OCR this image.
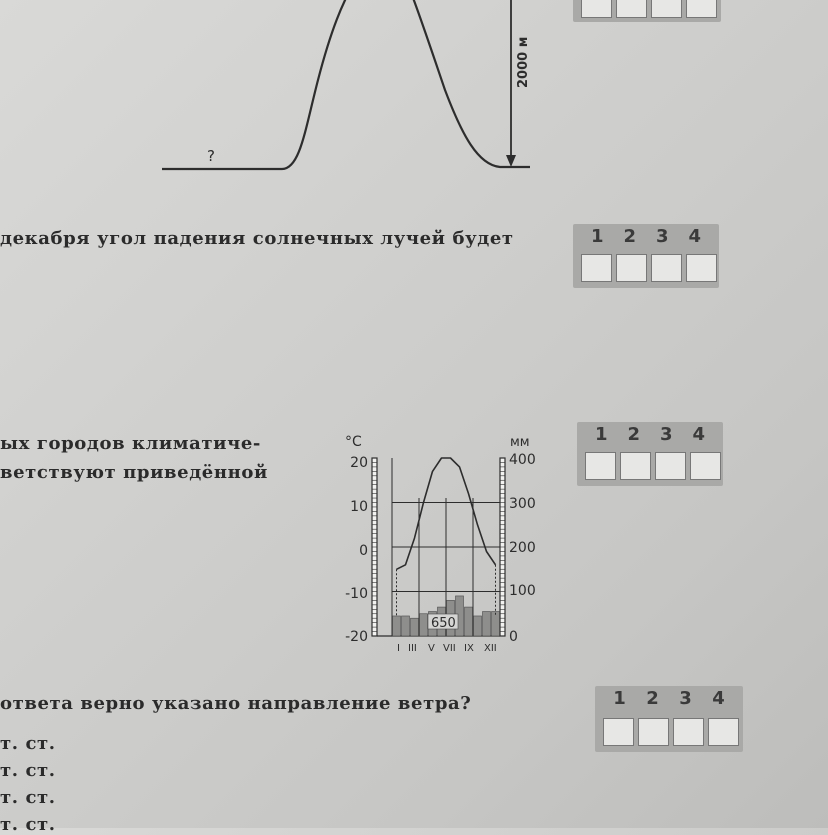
2000 м
?
декабря угол падения солнечных лучей будет	1 2 3 4
ых городов климатиче-
ветствуют приведённой
1 2 3 4
°С	мм
20
10
0
-10
-20
400
300
200
100
0
I III V VII IX XII
650
ответа верно указано направление ветра?
т. ст.
т. ст.
т. ст.
т. ст.
1 2 3 4
